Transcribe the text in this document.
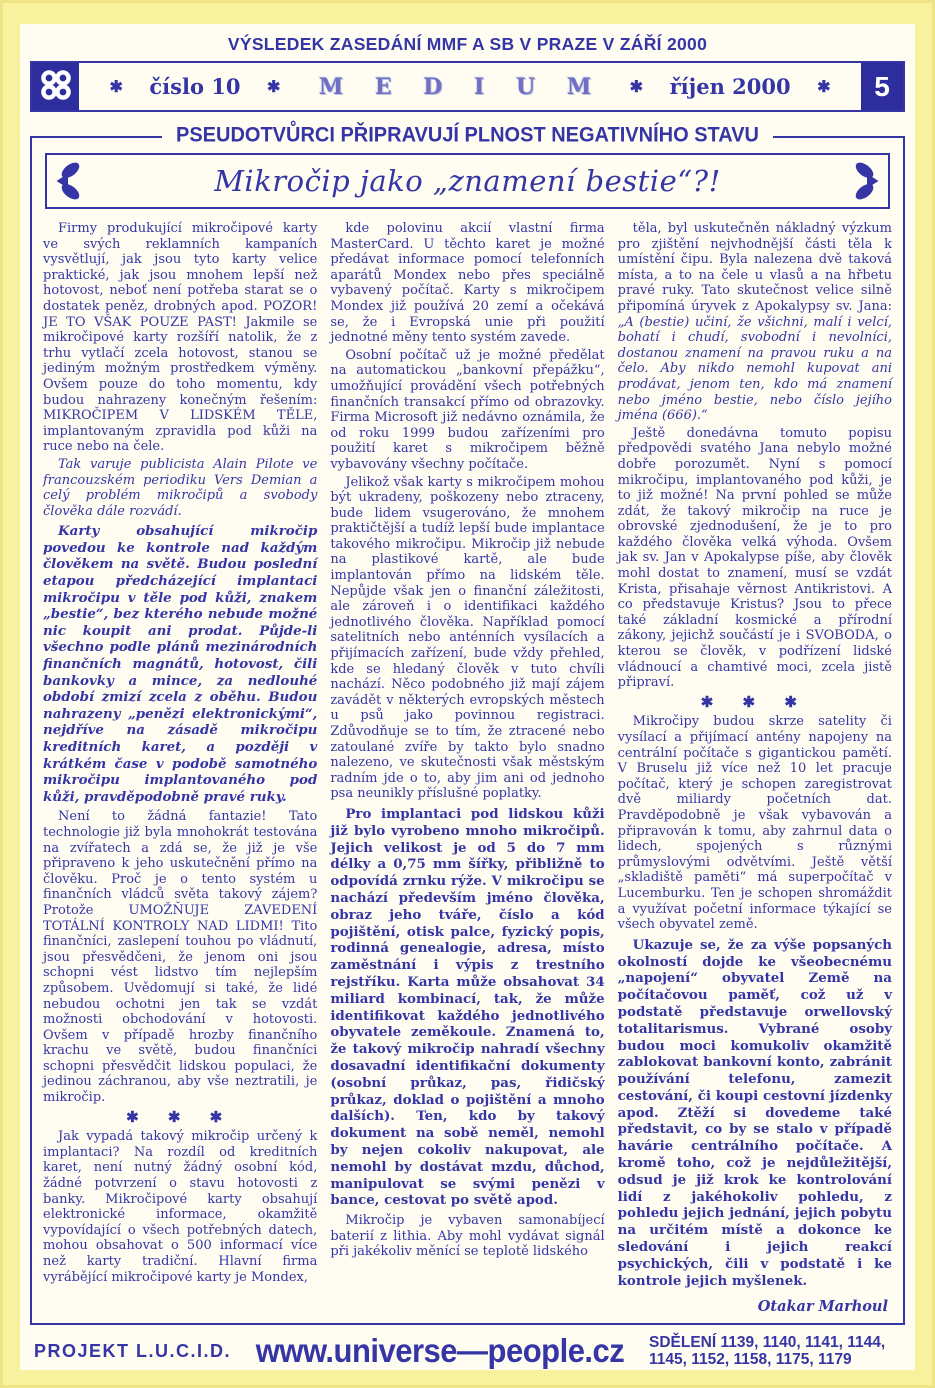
VÝSLEDEK ZASEDÁNÍ MMF A SB V PRAZE V ZÁŘÍ 2000
✱ číslo 10 ✱	M E D I U M ✱ říjen 2000 ✱	5
PSEUDOTVŮRCI PŘIPRAVUJÍ PLNOST NEGATIVNÍHO STAVU
Mikročip jako „znamení bestie“?!

Firmy produkující mikročipové karty ve svých reklamních kampaních vysvětlují, jak jsou tyto karty velice praktické, jak jsou mnohem lepší než hotovost, neboť není potřeba starat se o dostatek peněz, drobných apod. POZOR! JE TO VŠAK POUZE PAST! Jakmile se mikročipové karty rozšíří natolik, že z trhu vytlačí zcela hotovost, stanou se jediným možným prostředkem výměny. Ovšem pouze do toho momentu, kdy budou nahrazeny konečným řešením: MIKROČIPEM V LIDSKÉM TĚLE, implantovaným zpravidla pod kůži na ruce nebo na čele.

Tak varuje publicista Alain Pilote ve francouzském periodiku Vers Demian a celý problém mikročipů a svobody člověka dále rozvádí.

Karty obsahující mikročip povedou ke kontrole nad každým člověkem na světě. Budou poslední etapou předcházející implantaci mikročipu v těle pod kůži, znakem „bestie“, bez kterého nebude možné nic koupit ani prodat. Půjde-li všechno podle plánů mezinárodních finančních magnátů, hotovost, čili bankovky a mince, za nedlouhé období zmizí zcela z oběhu. Budou nahrazeny „penězi elektronickými“, nejdříve na zásadě mikročipu kreditních karet, a později v krátkém čase v podobě samotného mikročipu implantovaného pod kůži, pravděpodobně pravé ruky.

Není to žádná fantazie! Tato technologie již byla mnohokrát testována na zvířatech a zdá se, že již je vše připraveno k jeho uskutečnění přímo na člověku. Proč je o tento systém u finančních vládců světa takový zájem? Protože UMOŽŇUJE ZAVEDENÍ TOTÁLNÍ KONTROLY NAD LIDMI! Tito finančníci, zaslepení touhou po vládnutí, jsou přesvědčeni, že jenom oni jsou schopni vést lidstvo tím nejlepším způsobem. Uvědomují si také, že lidé nebudou ochotni jen tak se vzdát možnosti obchodování v hotovosti. Ovšem v případě hrozby finančního krachu ve světě, budou finančníci schopni přesvědčit lidskou populaci, že jedinou záchranou, aby vše neztratili, je mikročip.

✱ ✱ ✱

Jak vypadá takový mikročip určený k implantaci? Na rozdíl od kreditních karet, není nutný žádný osobní kód, žádné potvrzení o stavu hotovosti z banky. Mikročipové karty obsahují elektronické informace, okamžitě vypovídající o všech potřebných datech, mohou obsahovat o 500 informací více než karty tradiční. Hlavní firma vyrábějící mikročipové karty je Mondex,

kde polovinu akcií vlastní firma MasterCard. U těchto karet je možné předávat informace pomocí telefonních aparátů Mondex nebo přes speciálně vybavený počítač. Karty s mikročipem Mondex již používá 20 zemí a očekává se, že i Evropská unie při použití jednotné měny tento systém zavede.

Osobní počítač už je možné předělat na automatickou „bankovní přepážku“, umožňující provádění všech potřebných finančních transakcí přímo od obrazovky. Firma Microsoft již nedávno oznámila, že od roku 1999 budou zařízeními pro použití karet s mikročipem běžně vybavovány všechny počítače.

Jelikož však karty s mikročipem mohou být ukradeny, poškozeny nebo ztraceny, bude lidem vsugerováno, že mnohem praktičtější a tudíž lepší bude implantace takového mikročipu. Mikročip již nebude na plastikové kartě, ale bude implantován přímo na lidském těle. Nepůjde však jen o finanční záležitosti, ale zároveň i o identifikaci každého jednotlivého člověka. Například pomocí satelitních nebo anténních vysílacích a přijímacích zařízení, bude vždy přehled, kde se hledaný člověk v tuto chvíli nachází. Něco podobného již mají zájem zavádět v některých evropských městech u psů jako povinnou registraci. Zdůvodňuje se to tím, že ztracené nebo zatoulané zvíře by takto bylo snadno nalezeno, ve skutečnosti však městským radním jde o to, aby jim ani od jednoho psa neunikly příslušné poplatky.

Pro implantaci pod lidskou kůži již bylo vyrobeno mnoho mikročipů. Jejich velikost je od 5 do 7 mm délky a 0,75 mm šířky, přibližně to odpovídá zrnku rýže. V mikročipu se nachází především jméno člověka, obraz jeho tváře, číslo a kód pojištění, otisk palce, fyzický popis, rodinná genealogie, adresa, místo zaměstnání i výpis z trestního rejstříku. Karta může obsahovat 34 miliard kombinací, tak, že může identifikovat každého jednotlivého obyvatele zeměkoule. Znamená to, že takový mikročip nahradí všechny dosavadní identifikační dokumenty (osobní průkaz, pas, řidičský průkaz, doklad o pojištění a mnoho dalších). Ten, kdo by takový dokument na sobě neměl, nemohl by nejen cokoliv nakupovat, ale nemohl by dostávat mzdu, důchod, manipulovat se svými penězi v bance, cestovat po světě apod.

Mikročip je vybaven samonabíjecí baterií z lithia. Aby mohl vydávat signál při jakékoliv měnící se teplotě lidského

těla, byl uskutečněn nákladný výzkum pro zjištění nejvhodnější části těla k umístění čipu. Byla nalezena dvě taková místa, a to na čele u vlasů a na hřbetu pravé ruky. Tato skutečnost velice silně připomíná úryvek z Apokalypsy sv. Jana: „A (bestie) učiní, že všichni, malí i velcí, bohatí i chudí, svobodní i nevolníci, dostanou znamení na pravou ruku a na čelo. Aby nikdo nemohl kupovat ani prodávat, jenom ten, kdo má znamení nebo jméno bestie, nebo číslo jejího jména (666).“

Ještě donedávna tomuto popisu předpovědi svatého Jana nebylo možné dobře porozumět. Nyní s pomocí mikročipu, implantovaného pod kůži, je to již možné! Na první pohled se může zdát, že takový mikročip na ruce je obrovské zjednodušení, že je to pro každého člověka velká výhoda. Ovšem jak sv. Jan v Apokalypse píše, aby člověk mohl dostat to znamení, musí se vzdát Krista, přisahaje věrnost Antikristovi. A co představuje Kristus? Jsou to přece také základní kosmické a přírodní zákony, jejichž součástí je i SVOBODA, o kterou se člověk, v podřízení lidské vládnoucí a chamtivé moci, zcela jistě připraví.

✱ ✱ ✱

Mikročipy budou skrze satelity či vysílací a přijímací antény napojeny na centrální počítače s gigantickou pamětí. V Bruselu již více než 10 let pracuje počítač, který je schopen zaregistrovat dvě miliardy početních dat. Pravděpodobně je však vybavován a připravován k tomu, aby zahrnul data o lidech, spojených s různými průmyslovými odvětvími. Ještě větší „skladiště paměti“ má superpočítač v Lucemburku. Ten je schopen shromáždit a využívat početní informace týkající se všech obyvatel země.

Ukazuje se, že za výše popsaných okolností dojde ke všeobecnému „napojení“ obyvatel Země na počítačovou paměť, což už v podstatě představuje orwellovský totalitarismus. Vybrané osoby budou moci komukoliv okamžitě zablokovat bankovní konto, zabránit používání telefonu, zamezit cestování, či koupi cestovní jízdenky apod. Ztěží si dovedeme také představit, co by se stalo v případě havárie centrálního počítače. A kromě toho, což je nejdůležitější, odsud je již krok ke kontrolování lidí z jakéhokoliv pohledu, z pohledu jejich jednání, jejich pobytu na určitém místě a dokonce ke sledování i jejich reakcí psychických, čili v podstatě i ke kontrole jejich myšlenek.

Otakar Marhoul

PROJEKT L.U.C.I.D. www.universe—people.cz SDĚLENÍ 1139, 1140, 1141, 1144, 1145, 1152, 1158, 1175, 1179
